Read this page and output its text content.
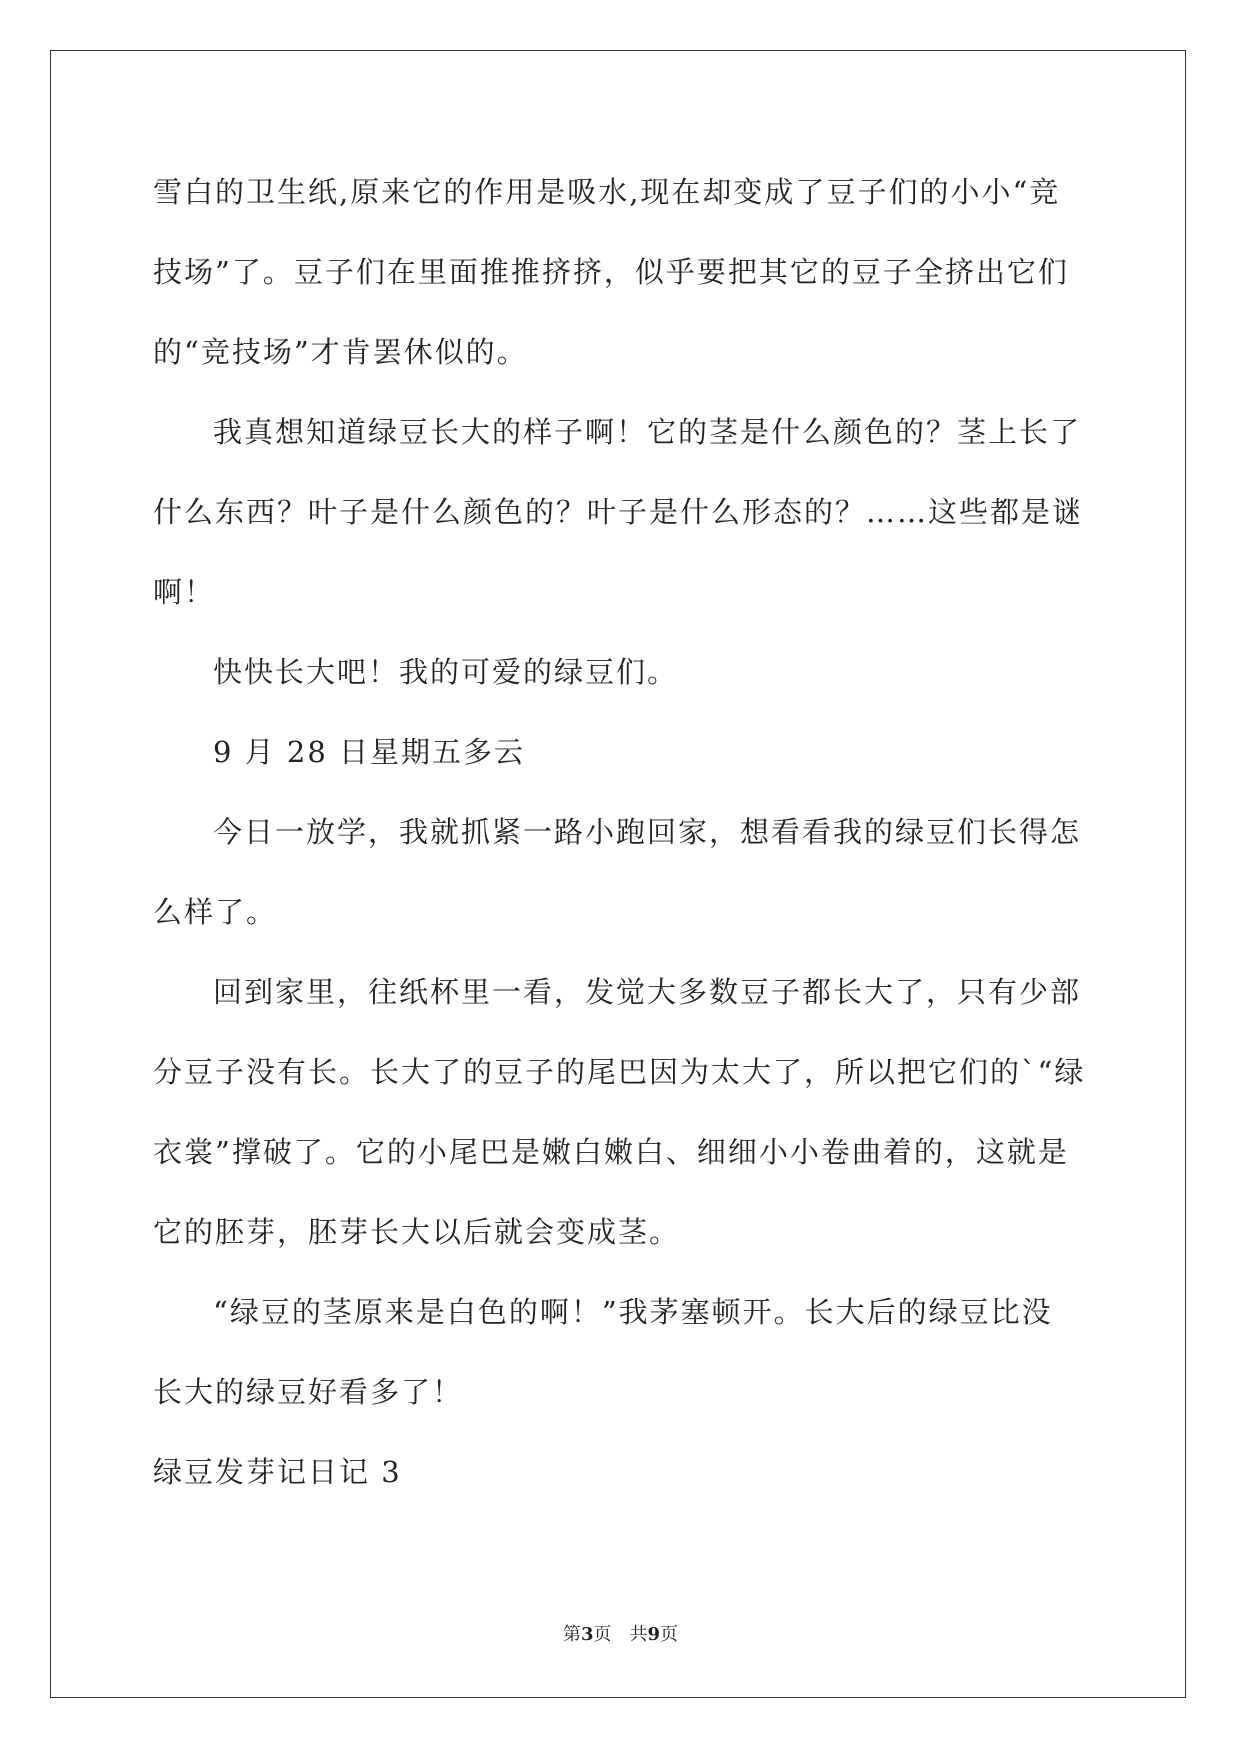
雪白的卫生纸,原来它的作用是吸水,现在却变成了豆子们的小小“竞
技场”了。豆子们在里面推推挤挤，似乎要把其它的豆子全挤出它们
的“竞技场”才肯罢休似的。
我真想知道绿豆长大的样子啊！它的茎是什么颜色的？茎上长了
什么东西？叶子是什么颜色的？叶子是什么形态的？……这些都是谜
啊！
快快长大吧！我的可爱的绿豆们。
9 月 28 日星期五多云
今日一放学，我就抓紧一路小跑回家，想看看我的绿豆们长得怎
么样了。
回到家里，往纸杯里一看，发觉大多数豆子都长大了，只有少部
分豆子没有长。长大了的豆子的尾巴因为太大了，所以把它们的`“绿
衣裳”撑破了。它的小尾巴是嫩白嫩白、细细小小卷曲着的，这就是
它的胚芽，胚芽长大以后就会变成茎。
“绿豆的茎原来是白色的啊！”我茅塞顿开。长大后的绿豆比没
长大的绿豆好看多了！
绿豆发芽记日记 3
第3页　共9页
